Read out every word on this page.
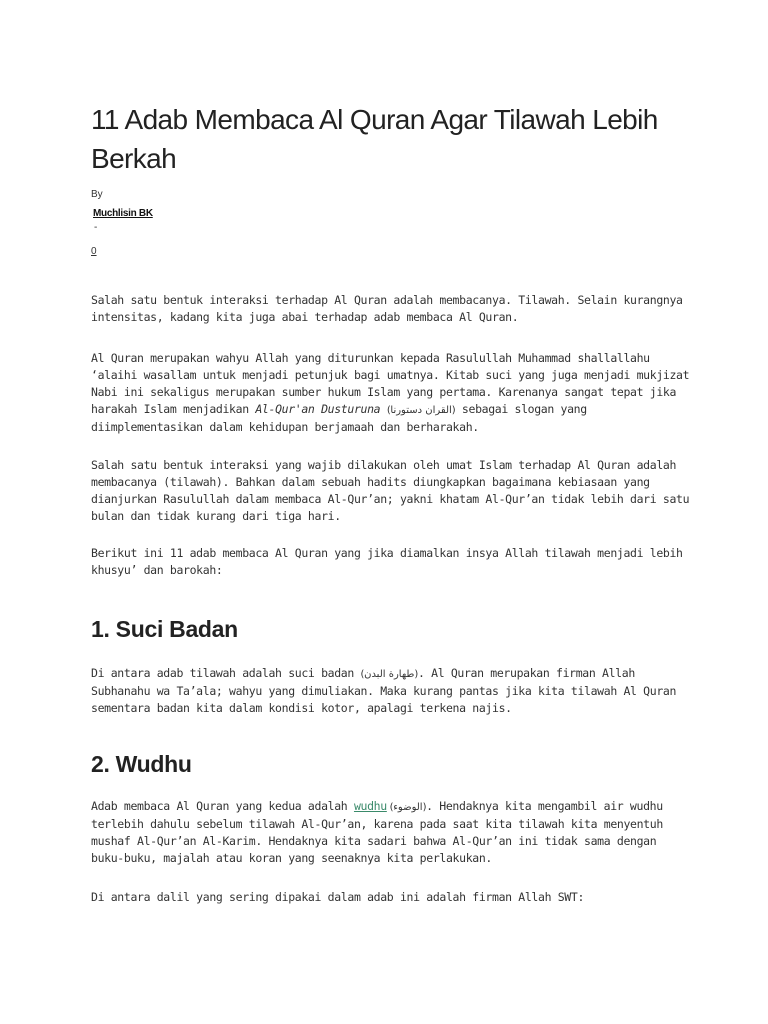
11 Adab Membaca Al Quran Agar Tilawah Lebih Berkah
By
Muchlisin BK
-
0

Salah satu bentuk interaksi terhadap Al Quran adalah membacanya. Tilawah. Selain kurangnya intensitas, kadang kita juga abai terhadap adab membaca Al Quran.

Al Quran merupakan wahyu Allah yang diturunkan kepada Rasulullah Muhammad shallallahu ‘alaihi wasallam untuk menjadi petunjuk bagi umatnya. Kitab suci yang juga menjadi mukjizat Nabi ini sekaligus merupakan sumber hukum Islam yang pertama. Karenanya sangat tepat jika harakah Islam menjadikan Al-Qur'an Dusturuna (القران دستورنا) sebagai slogan yang diimplementasikan dalam kehidupan berjamaah dan berharakah.

Salah satu bentuk interaksi yang wajib dilakukan oleh umat Islam terhadap Al Quran adalah membacanya (tilawah). Bahkan dalam sebuah hadits diungkapkan bagaimana kebiasaan yang dianjurkan Rasulullah dalam membaca Al-Qur’an; yakni khatam Al-Qur’an tidak lebih dari satu bulan dan tidak kurang dari tiga hari.

Berikut ini 11 adab membaca Al Quran yang jika diamalkan insya Allah tilawah menjadi lebih khusyu’ dan barokah:

1. Suci Badan

Di antara adab tilawah adalah suci badan (طهارة البدن). Al Quran merupakan firman Allah Subhanahu wa Ta’ala; wahyu yang dimuliakan. Maka kurang pantas jika kita tilawah Al Quran sementara badan kita dalam kondisi kotor, apalagi terkena najis.

2. Wudhu

Adab membaca Al Quran yang kedua adalah wudhu (الوضوء). Hendaknya kita mengambil air wudhu terlebih dahulu sebelum tilawah Al-Qur’an, karena pada saat kita tilawah kita menyentuh mushaf Al-Qur’an Al-Karim. Hendaknya kita sadari bahwa Al-Qur’an ini tidak sama dengan buku-buku, majalah atau koran yang seenaknya kita perlakukan.

Di antara dalil yang sering dipakai dalam adab ini adalah firman Allah SWT:
